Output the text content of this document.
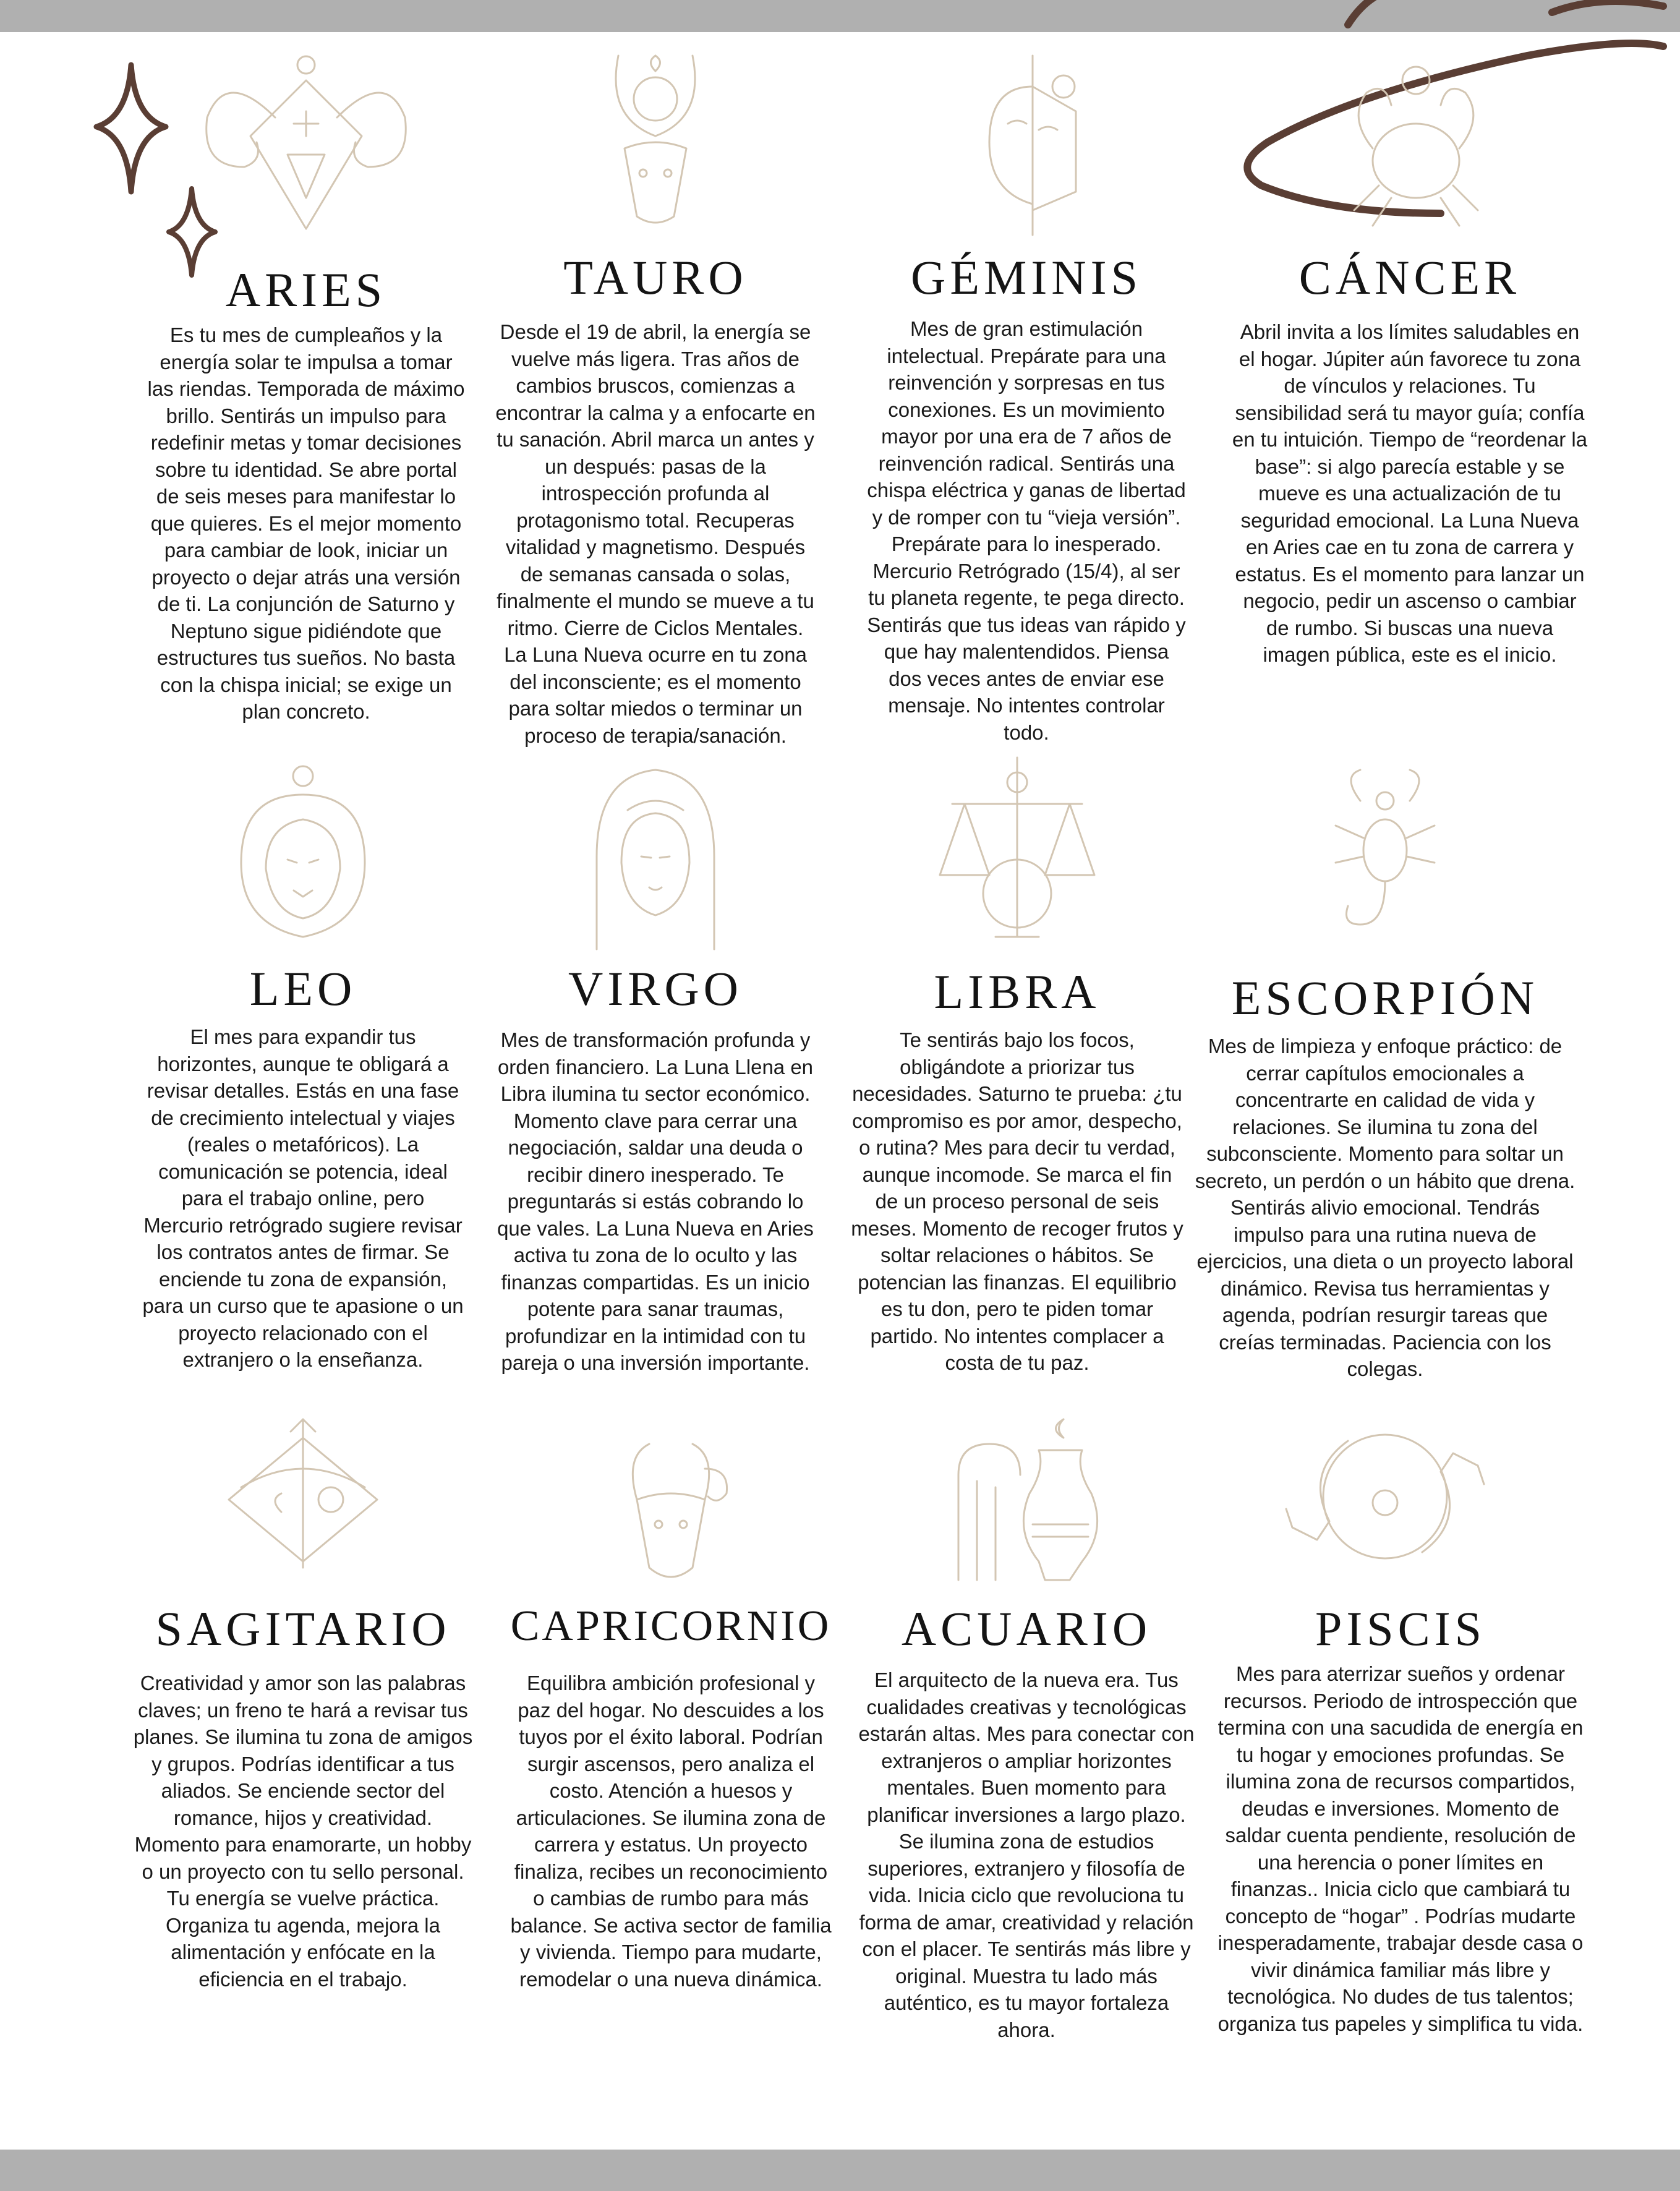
ARIES

Es tu mes de cumpleaños y la energía solar te impulsa a tomar las riendas. Temporada de máximo brillo. Sentirás un impulso para redefinir metas y tomar decisiones sobre tu identidad. Se abre portal de seis meses para manifestar lo que quieres. Es el mejor momento para cambiar de look, iniciar un proyecto o dejar atrás una versión de ti. La conjunción de Saturno y Neptuno sigue pidiéndote que estructures tus sueños. No basta con la chispa inicial; se exige un plan concreto.

TAURO

Desde el 19 de abril, la energía se vuelve más ligera. Tras años de cambios bruscos, comienzas a encontrar la calma y a enfocarte en tu sanación. Abril marca un antes y un después: pasas de la introspección profunda al protagonismo total. Recuperas vitalidad y magnetismo. Después de semanas cansada o solas, finalmente el mundo se mueve a tu ritmo. Cierre de Ciclos Mentales. La Luna Nueva ocurre en tu zona del inconsciente; es el momento para soltar miedos o terminar un proceso de terapia/sanación.

GÉMINIS

Mes de gran estimulación intelectual. Prepárate para una reinvención y sorpresas en tus conexiones. Es un movimiento mayor por una era de 7 años de reinvención radical. Sentirás una chispa eléctrica y ganas de libertad y de romper con tu “vieja versión”. Prepárate para lo inesperado. Mercurio Retrógrado (15/4), al ser tu planeta regente, te pega directo. Sentirás que tus ideas van rápido y que hay malentendidos. Piensa dos veces antes de enviar ese mensaje. No intentes controlar todo.

CÁNCER

Abril invita a los límites saludables en el hogar. Júpiter aún favorece tu zona de vínculos y relaciones. Tu sensibilidad será tu mayor guía; confía en tu intuición. Tiempo de “reordenar la base”: si algo parecía estable y se mueve es una actualización de tu seguridad emocional. La Luna Nueva en Aries cae en tu zona de carrera y estatus. Es el momento para lanzar un negocio, pedir un ascenso o cambiar de rumbo. Si buscas una nueva imagen pública, este es el inicio.

LEO

El mes para expandir tus horizontes, aunque te obligará a revisar detalles. Estás en una fase de crecimiento intelectual y viajes (reales o metafóricos). La comunicación se potencia, ideal para el trabajo online, pero Mercurio retrógrado sugiere revisar los contratos antes de firmar. Se enciende tu zona de expansión, para un curso que te apasione o un proyecto relacionado con el extranjero o la enseñanza.

VIRGO

Mes de transformación profunda y orden financiero. La Luna Llena en Libra ilumina tu sector económico. Momento clave para cerrar una negociación, saldar una deuda o recibir dinero inesperado. Te preguntarás si estás cobrando lo que vales. La Luna Nueva en Aries activa tu zona de lo oculto y las finanzas compartidas. Es un inicio potente para sanar traumas, profundizar en la intimidad con tu pareja o una inversión importante.

LIBRA

Te sentirás bajo los focos, obligándote a priorizar tus necesidades. Saturno te prueba: ¿tu compromiso es por amor, despecho, o rutina? Mes para decir tu verdad, aunque incomode. Se marca el fin de un proceso personal de seis meses. Momento de recoger frutos y soltar relaciones o hábitos. Se potencian las finanzas. El equilibrio es tu don, pero te piden tomar partido. No intentes complacer a costa de tu paz.

ESCORPIÓN

Mes de limpieza y enfoque práctico: de cerrar capítulos emocionales a concentrarte en calidad de vida y relaciones. Se ilumina tu zona del subconsciente. Momento para soltar un secreto, un perdón o un hábito que drena. Sentirás alivio emocional. Tendrás impulso para una rutina nueva de ejercicios, una dieta o un proyecto laboral dinámico. Revisa tus herramientas y agenda, podrían resurgir tareas que creías terminadas. Paciencia con los colegas.

SAGITARIO

Creatividad y amor son las palabras claves; un freno te hará a revisar tus planes. Se ilumina tu zona de amigos y grupos. Podrías identificar a tus aliados. Se enciende sector del romance, hijos y creatividad. Momento para enamorarte, un hobby o un proyecto con tu sello personal. Tu energía se vuelve práctica. Organiza tu agenda, mejora la alimentación y enfócate en la eficiencia en el trabajo.

CAPRICORNIO

Equilibra ambición profesional y paz del hogar. No descuides a los tuyos por el éxito laboral. Podrían surgir ascensos, pero analiza el costo. Atención a huesos y articulaciones. Se ilumina zona de carrera y estatus. Un proyecto finaliza, recibes un reconocimiento o cambias de rumbo para más balance. Se activa sector de familia y vivienda. Tiempo para mudarte, remodelar o una nueva dinámica.

ACUARIO

El arquitecto de la nueva era. Tus cualidades creativas y tecnológicas estarán altas. Mes para conectar con extranjeros o ampliar horizontes mentales. Buen momento para planificar inversiones a largo plazo. Se ilumina zona de estudios superiores, extranjero y filosofía de vida. Inicia ciclo que revoluciona tu forma de amar, creatividad y relación con el placer. Te sentirás más libre y original. Muestra tu lado más auténtico, es tu mayor fortaleza ahora.

PISCIS

Mes para aterrizar sueños y ordenar recursos. Periodo de introspección que termina con una sacudida de energía en tu hogar y emociones profundas. Se ilumina zona de recursos compartidos, deudas e inversiones. Momento de saldar cuenta pendiente, resolución de una herencia o poner límites en finanzas.. Inicia ciclo que cambiará tu concepto de “hogar” . Podrías mudarte inesperadamente, trabajar desde casa o vivir dinámica familiar más libre y tecnológica. No dudes de tus talentos; organiza tus papeles y simplifica tu vida.
